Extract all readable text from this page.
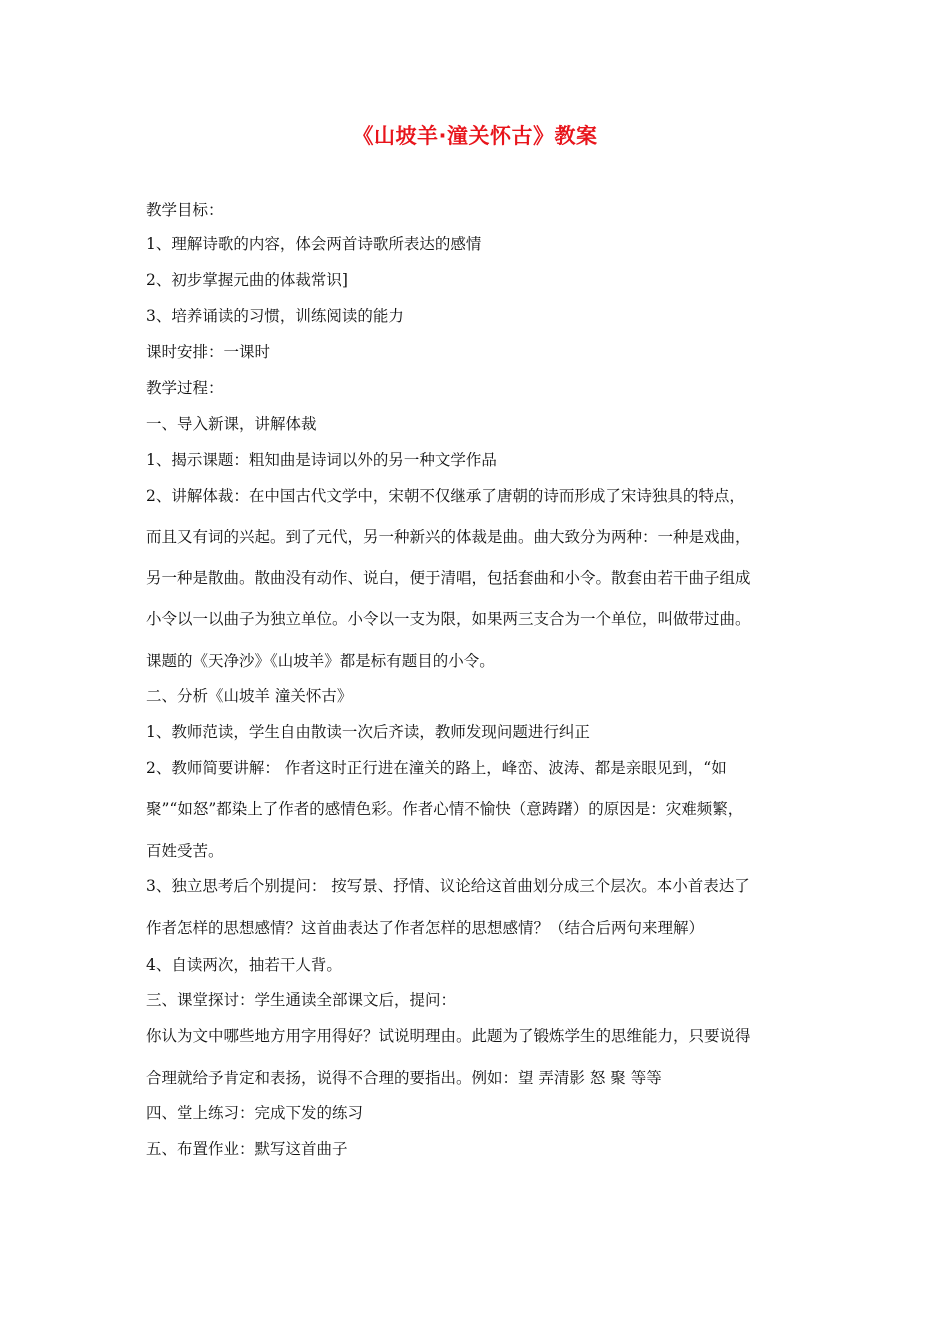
《山坡羊·潼关怀古》教案
教学目标：
1、理解诗歌的内容，体会两首诗歌所表达的感情
2、初步掌握元曲的体裁常识]
3、培养诵读的习惯，训练阅读的能力
课时安排：一课时
教学过程：
一、导入新课，讲解体裁
1、揭示课题：粗知曲是诗词以外的另一种文学作品
2、讲解体裁：在中国古代文学中，宋朝不仅继承了唐朝的诗而形成了宋诗独具的特点，
而且又有词的兴起。到了元代，另一种新兴的体裁是曲。曲大致分为两种：一种是戏曲，
另一种是散曲。散曲没有动作、说白，便于清唱，包括套曲和小令。散套由若干曲子组成
小令以一以曲子为独立单位。小令以一支为限，如果两三支合为一个单位，叫做带过曲。
课题的《天净沙》《山坡羊》都是标有题目的小令。
二、分析《山坡羊 潼关怀古》
1、教师范读，学生自由散读一次后齐读，教师发现问题进行纠正
2、教师简要讲解： 作者这时正行进在潼关的路上，峰峦、波涛、都是亲眼见到，“如
聚”“如怒”都染上了作者的感情色彩。作者心情不愉快（意踌躇）的原因是：灾难频繁，
百姓受苦。
3、独立思考后个别提问： 按写景、抒情、议论给这首曲划分成三个层次。本小首表达了
作者怎样的思想感情？这首曲表达了作者怎样的思想感情？（结合后两句来理解）
4、自读两次，抽若干人背。
三、课堂探讨：学生通读全部课文后，提问：
你认为文中哪些地方用字用得好？试说明理由。此题为了锻炼学生的思维能力，只要说得
合理就给予肯定和表扬，说得不合理的要指出。例如：望 弄清影 怒 聚 等等
四、堂上练习：完成下发的练习
五、布置作业：默写这首曲子
